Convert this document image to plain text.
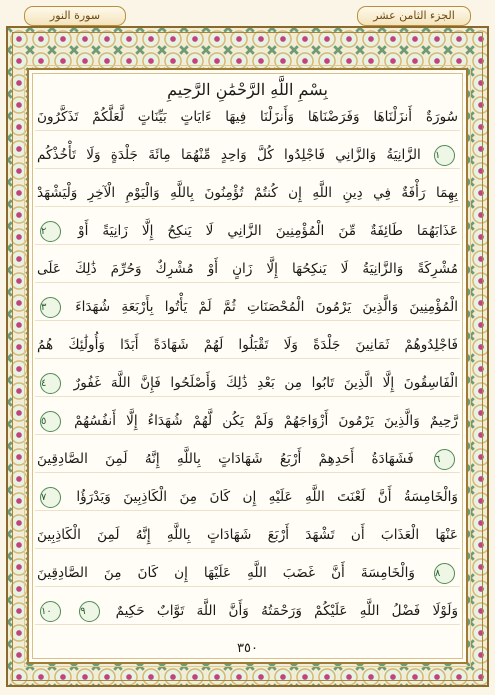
سورة النور	الجزء الثامن عشر
بِسْمِ اللَّهِ الرَّحْمَٰنِ الرَّحِيمِ
سُورَةٌ أَنزَلْنَاهَا وَفَرَضْنَاهَا وَأَنزَلْنَا فِيهَا ءَايَاتٍ بَيِّنَاتٍ لَّعَلَّكُمْ تَذَكَّرُونَ
١ الزَّانِيَةُ وَالزَّانِي فَاجْلِدُوا كُلَّ وَاحِدٍ مِّنْهُمَا مِائَةَ جَلْدَةٍ وَلَا تَأْخُذْكُم
بِهِمَا رَأْفَةٌ فِي دِينِ اللَّهِ إِن كُنتُمْ تُؤْمِنُونَ بِاللَّهِ وَالْيَوْمِ الْآخِرِ وَلْيَشْهَدْ
عَذَابَهُمَا طَائِفَةٌ مِّنَ الْمُؤْمِنِينَ الزَّانِي لَا يَنكِحُ إِلَّا زَانِيَةً أَوْ ٢
مُشْرِكَةً وَالزَّانِيَةُ لَا يَنكِحُهَا إِلَّا زَانٍ أَوْ مُشْرِكٌ وَحُرِّمَ ذَٰلِكَ عَلَى
الْمُؤْمِنِينَ وَالَّذِينَ يَرْمُونَ الْمُحْصَنَاتِ ثُمَّ لَمْ يَأْتُوا بِأَرْبَعَةِ شُهَدَاءَ ٣
فَاجْلِدُوهُمْ ثَمَانِينَ جَلْدَةً وَلَا تَقْبَلُوا لَهُمْ شَهَادَةً أَبَدًا وَأُولَٰئِكَ هُمُ
الْفَاسِقُونَ إِلَّا الَّذِينَ تَابُوا مِن بَعْدِ ذَٰلِكَ وَأَصْلَحُوا فَإِنَّ اللَّهَ غَفُورٌ ٤
رَّحِيمٌ وَالَّذِينَ يَرْمُونَ أَزْوَاجَهُمْ وَلَمْ يَكُن لَّهُمْ شُهَدَاءُ إِلَّا أَنفُسُهُمْ ٥
٦ فَشَهَادَةُ أَحَدِهِمْ أَرْبَعُ شَهَادَاتٍ بِاللَّهِ إِنَّهُ لَمِنَ الصَّادِقِينَ
وَالْخَامِسَةُ أَنَّ لَعْنَتَ اللَّهِ عَلَيْهِ إِن كَانَ مِنَ الْكَاذِبِينَ وَيَدْرَؤُا ٧
عَنْهَا الْعَذَابَ أَن تَشْهَدَ أَرْبَعَ شَهَادَاتٍ بِاللَّهِ إِنَّهُ لَمِنَ الْكَاذِبِينَ
٨ وَالْخَامِسَةَ أَنَّ غَضَبَ اللَّهِ عَلَيْهَا إِن كَانَ مِنَ الصَّادِقِينَ
وَلَوْلَا فَضْلُ اللَّهِ عَلَيْكُمْ وَرَحْمَتُهُ وَأَنَّ اللَّهَ تَوَّابٌ حَكِيمٌ ٩ ١٠
٣٥٠
